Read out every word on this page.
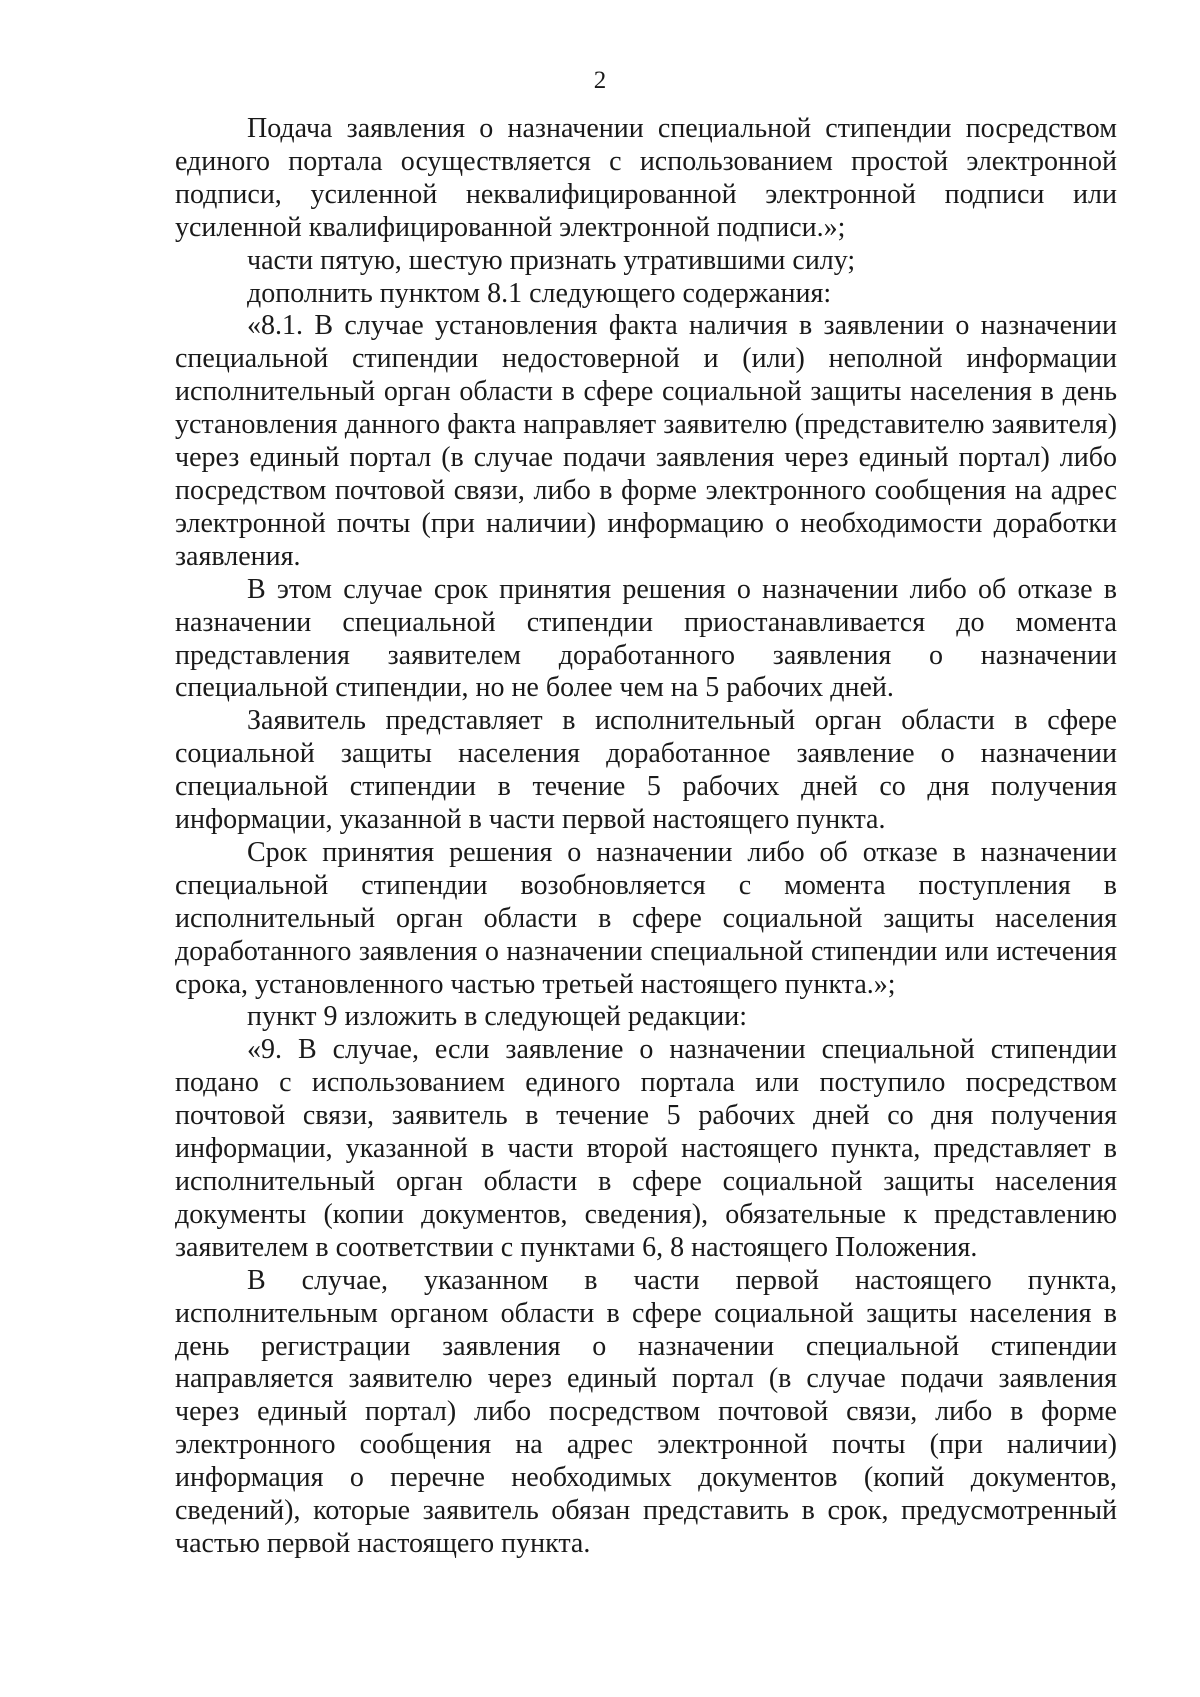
2

Подача заявления о назначении специальной стипендии посредством единого портала осуществляется с использованием простой электронной подписи, усиленной неквалифицированной электронной подписи или усиленной квалифицированной электронной подписи.»;

части пятую, шестую признать утратившими силу;

дополнить пунктом 8.1 следующего содержания:

«8.1. В случае установления факта наличия в заявлении о назначении специальной стипендии недостоверной и (или) неполной информации исполнительный орган области в сфере социальной защиты населения в день установления данного факта направляет заявителю (представителю заявителя) через единый портал (в случае подачи заявления через единый портал) либо посредством почтовой связи, либо в форме электронного сообщения на адрес электронной почты (при наличии) информацию о необходимости доработки заявления.

В этом случае срок принятия решения о назначении либо об отказе в назначении специальной стипендии приостанавливается до момента представления заявителем доработанного заявления о назначении специальной стипендии, но не более чем на 5 рабочих дней.

Заявитель представляет в исполнительный орган области в сфере социальной защиты населения доработанное заявление о назначении специальной стипендии в течение 5 рабочих дней со дня получения информации, указанной в части первой настоящего пункта.

Срок принятия решения о назначении либо об отказе в назначении специальной стипендии возобновляется с момента поступления в исполнительный орган области в сфере социальной защиты населения доработанного заявления о назначении специальной стипендии или истечения срока, установленного частью третьей настоящего пункта.»;

пункт 9 изложить в следующей редакции:

«9. В случае, если заявление о назначении специальной стипендии подано с использованием единого портала или поступило посредством почтовой связи, заявитель в течение 5 рабочих дней со дня получения информации, указанной в части второй настоящего пункта, представляет в исполнительный орган области в сфере социальной защиты населения документы (копии документов, сведения), обязательные к представлению заявителем в соответствии с пунктами 6, 8 настоящего Положения.

В случае, указанном в части первой настоящего пункта, исполнительным органом области в сфере социальной защиты населения в день регистрации заявления о назначении специальной стипендии направляется заявителю через единый портал (в случае подачи заявления через единый портал) либо посредством почтовой связи, либо в форме электронного сообщения на адрес электронной почты (при наличии) информация о перечне необходимых документов (копий документов, сведений), которые заявитель обязан представить в срок, предусмотренный частью первой настоящего пункта.
